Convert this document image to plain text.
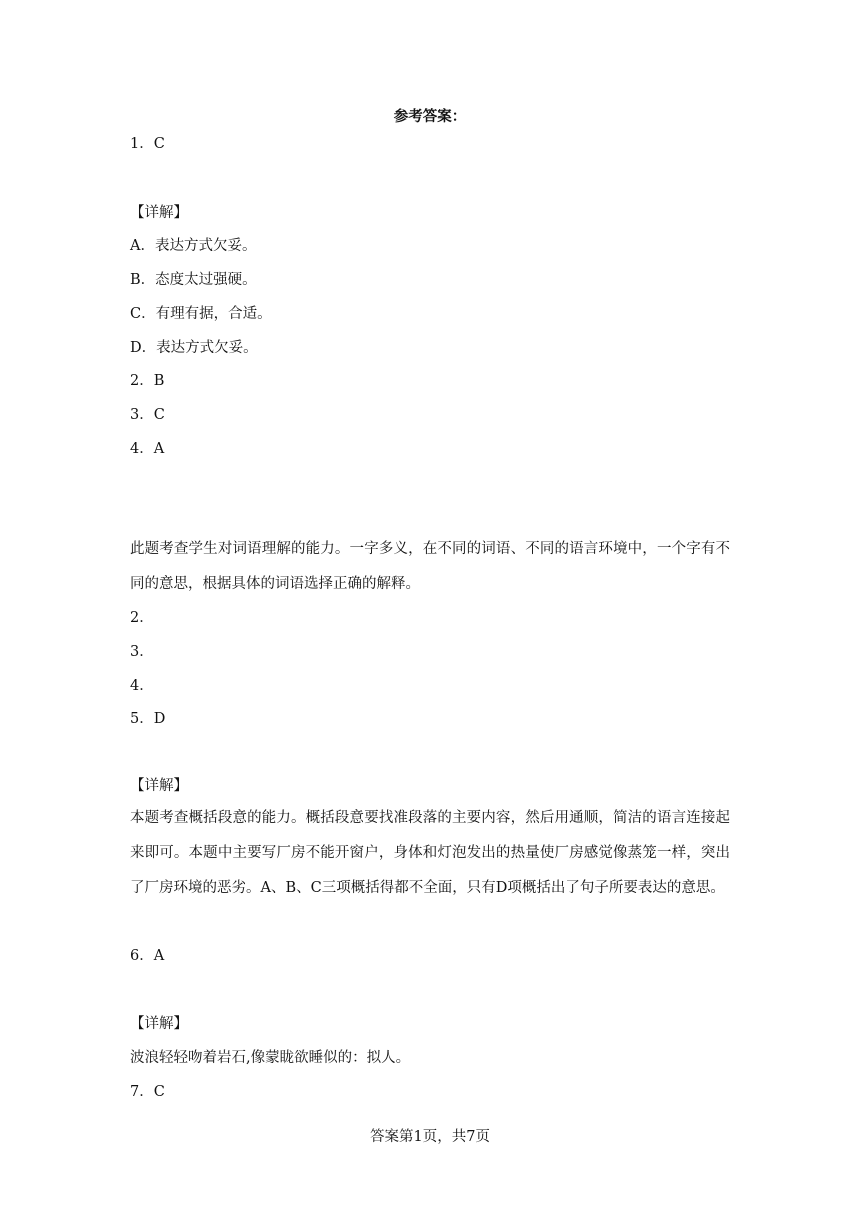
参考答案：
1．C
【详解】
A．表达方式欠妥。
B．态度太过强硬。
C．有理有据，合适。
D．表达方式欠妥。
2．B
3．C
4．A
此题考查学生对词语理解的能力。一字多义，在不同的词语、不同的语言环境中，一个字有不同的意思，根据具体的词语选择正确的解释。
2．
3．
4．
5．D
【详解】
本题考查概括段意的能力。概括段意要找准段落的主要内容，然后用通顺，简洁的语言连接起来即可。本题中主要写厂房不能开窗户，身体和灯泡发出的热量使厂房感觉像蒸笼一样，突出了厂房环境的恶劣。A、B、C三项概括得都不全面，只有D项概括出了句子所要表达的意思。
6．A
【详解】
波浪轻轻吻着岩石,像蒙眬欲睡似的：拟人。
7．C
答案第1页，共7页
